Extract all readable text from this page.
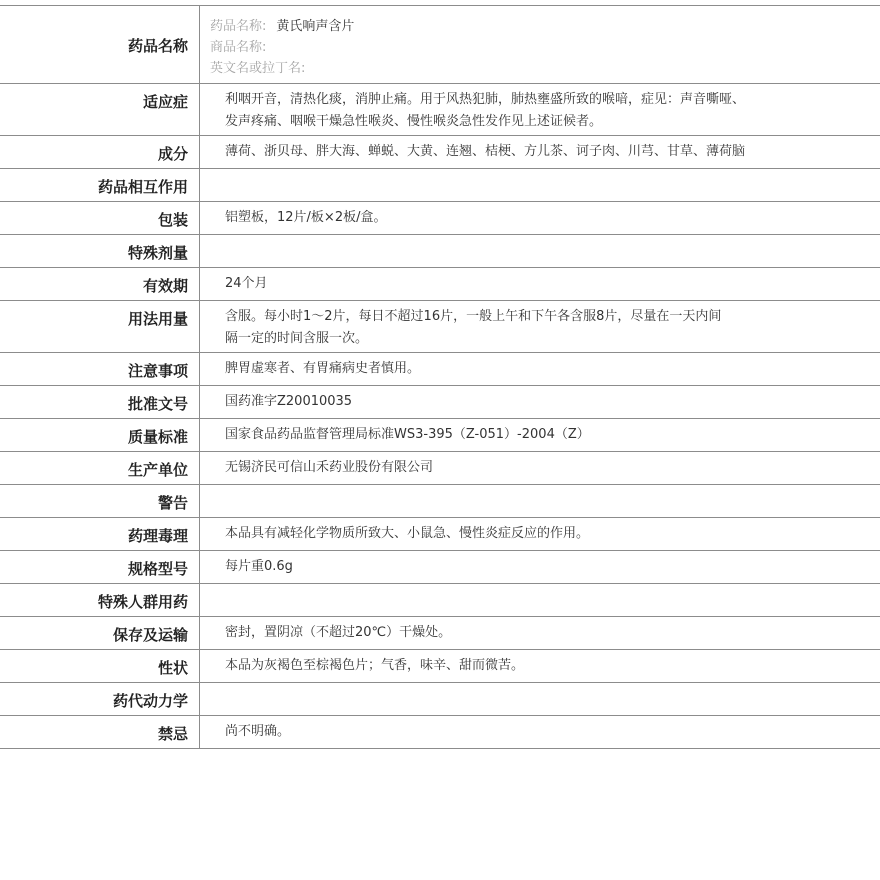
药品名称
药品名称: 黄氏响声含片
商品名称:
英文名或拉丁名:
适应症	利咽开音，清热化痰，消肿止痛。用于风热犯肺，肺热壅盛所致的喉喑，症见：声音嘶哑、
发声疼痛、咽喉干燥急性喉炎、慢性喉炎急性发作见上述证候者。
成分	薄荷、浙贝母、胖大海、蝉蜕、大黄、连翘、桔梗、方儿茶、诃子肉、川芎、甘草、薄荷脑
药品相互作用
包装	铝塑板，12片/板×2板/盒。
特殊剂量
有效期	24个月
用法用量	含服。每小时1～2片，每日不超过16片，一般上午和下午各含服8片，尽量在一天内间
隔一定的时间含服一次。
注意事项	脾胃虚寒者、有胃痛病史者慎用。
批准文号	国药准字Z20010035
质量标准	国家食品药品监督管理局标准WS3-395（Z-051）-2004（Z）
生产单位	无锡济民可信山禾药业股份有限公司
警告
药理毒理	本品具有减轻化学物质所致大、小鼠急、慢性炎症反应的作用。
规格型号	每片重0.6g
特殊人群用药
保存及运输	密封，置阴凉（不超过20℃）干燥处。
性状	本品为灰褐色至棕褐色片；气香，味辛、甜而微苦。
药代动力学
禁忌	尚不明确。
